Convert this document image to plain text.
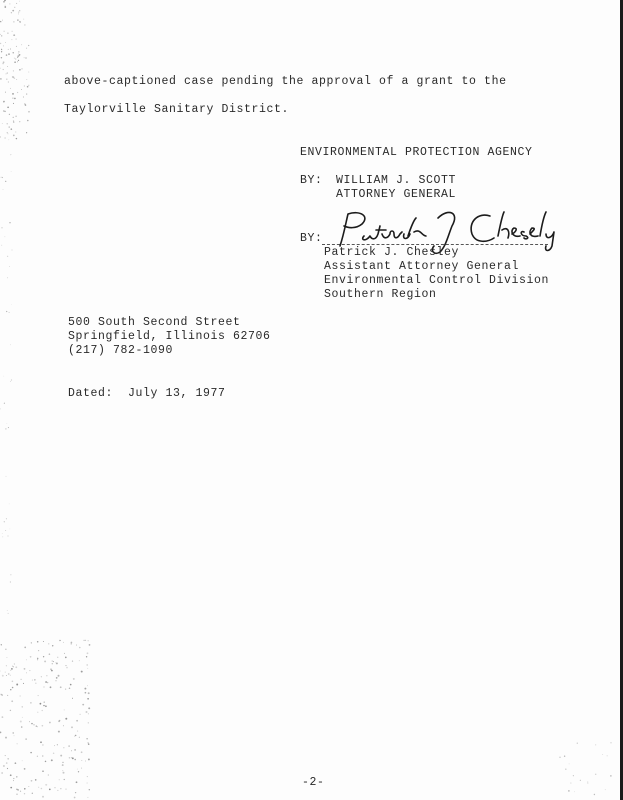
above-captioned case pending the approval of a grant to the
Taylorville Sanitary District.
ENVIRONMENTAL PROTECTION AGENCY
BY: WILLIAM J. SCOTT
ATTORNEY GENERAL
BY:
Patrick J. Chesley
Assistant Attorney General
Environmental Control Division
Southern Region
500 South Second Street
Springfield, Illinois 62706
(217) 782-1090
Dated: July 13, 1977
-2-
